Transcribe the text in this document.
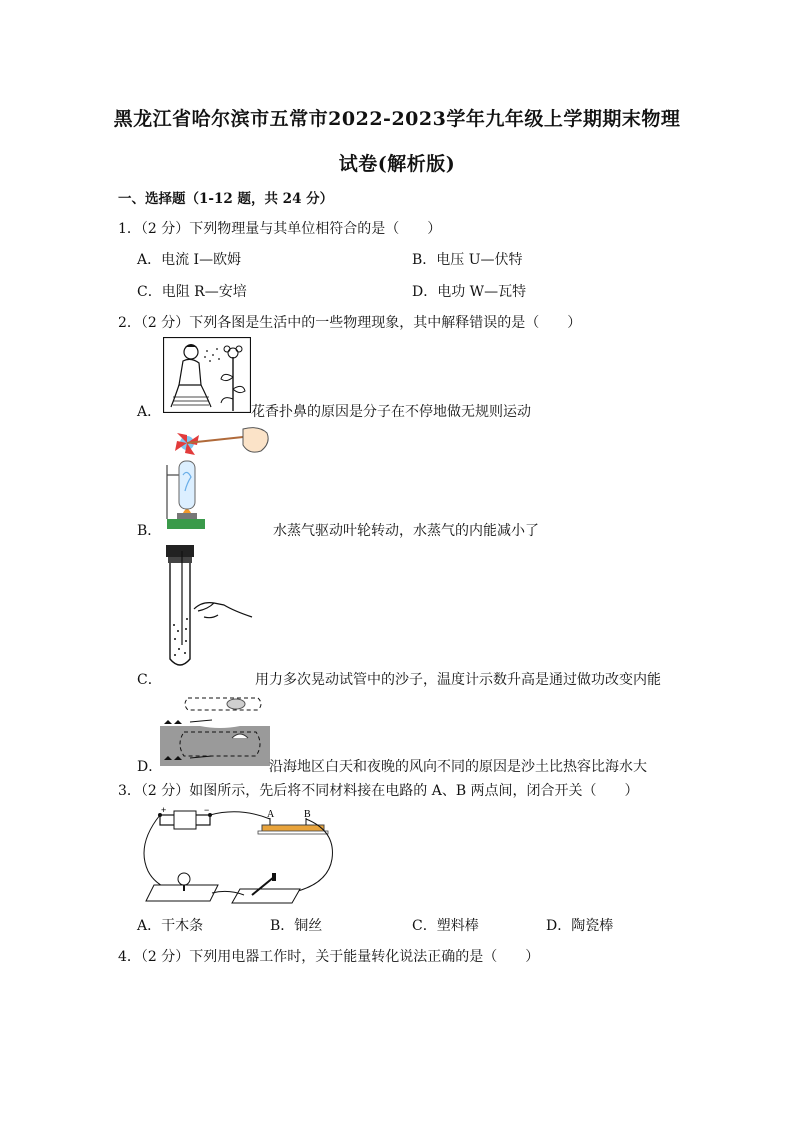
黑龙江省哈尔滨市五常市2022-2023学年九年级上学期期末物理
试卷(解析版)
一、选择题（1-12 题，共 24 分）
1．（2 分）下列物理量与其单位相符合的是（　　）
A．电流 I—欧姆	B．电压 U—伏特
C．电阻 R—安培	D．电功 W—瓦特
2．（2 分）下列各图是生活中的一些物理现象，其中解释错误的是（　　）
A．	花香扑鼻的原因是分子在不停地做无规则运动
B．	水蒸气驱动叶轮转动，水蒸气的内能减小了
C．	用力多次晃动试管中的沙子，温度计示数升高是通过做功改变内能
D．	沿海地区白天和夜晚的风向不同的原因是沙土比热容比海水大
3．（2 分）如图所示，先后将不同材料接在电路的 A、B 两点间，闭合开关（　　）
+	−	A	B
A．干木条	B．铜丝	C．塑料棒	D．陶瓷棒
4．（2 分）下列用电器工作时，关于能量转化说法正确的是（　　）
